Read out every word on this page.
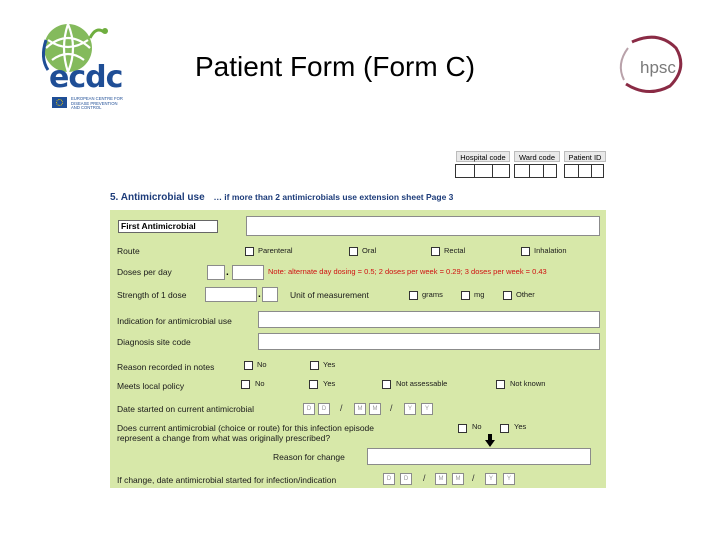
ecdc
EUROPEAN CENTRE FOR
DISEASE PREVENTION
AND CONTROL
Patient Form (Form C)	hpsc
Hospital code	Ward code	Patient ID
5. Antimicrobial use … if more than 2 antimicrobials use extension sheet Page 3
First Antimicrobial
Route	Parenteral	Oral	Rectal	Inhalation
Doses per day	.	Note: alternate day dosing = 0.5; 2 doses per week = 0.29; 3 doses per week = 0.43
Strength of 1 dose	.	Unit of measurement	grams	mg	Other
Indication for antimicrobial use
Diagnosis site code
Reason recorded in notes	No	Yes
Meets local policy	No	Yes	Not assessable	Not known
Date started on current antimicrobial	D	D	/	M	M	/	Y	Y
Does current antimicrobial (choice or route) for this infection episode
represent a change from what was originally prescribed?
No	Yes
Reason for change
If change, date antimicrobial started for infection/indication	D	D	/	M	M	/	Y	Y
